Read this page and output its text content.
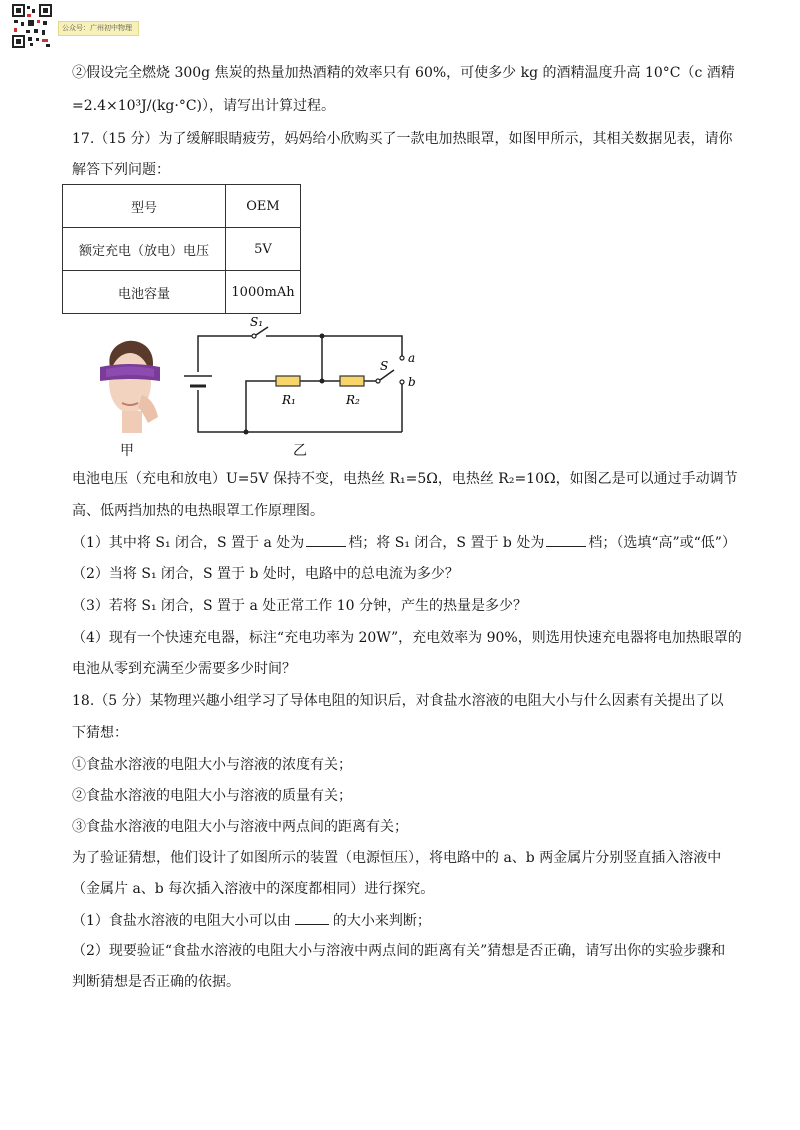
公众号：广州初中物理
②假设完全燃烧 300g 焦炭的热量加热酒精的效率只有 60%，可使多少 kg 的酒精温度升高 10°C（c 酒精
=2.4×10³J/(kg·°C)），请写出计算过程。
17.（15 分）为了缓解眼睛疲劳，妈妈给小欣购买了一款电加热眼罩，如图甲所示，其相关数据见表，请你
解答下列问题：
型号	OEM
额定充电（放电）电压	5V
电池容量	1000mAh
甲
S₁
S
a
b
R₁	R₂
乙
电池电压（充电和放电）U=5V 保持不变，电热丝 R₁=5Ω，电热丝 R₂=10Ω，如图乙是可以通过手动调节
高、低两挡加热的电热眼罩工作原理图。
（1）其中将 S₁ 闭合，S 置于 a 处为	档；将 S₁ 闭合，S 置于 b 处为	档；（选填“高”或“低”）
（2）当将 S₁ 闭合，S 置于 b 处时，电路中的总电流为多少？
（3）若将 S₁ 闭合，S 置于 a 处正常工作 10 分钟，产生的热量是多少？
（4）现有一个快速充电器，标注“充电功率为 20W”，充电效率为 90%，则选用快速充电器将电加热眼罩的
电池从零到充满至少需要多少时间？
18.（5 分）某物理兴趣小组学习了导体电阻的知识后，对食盐水溶液的电阻大小与什么因素有关提出了以
下猜想：
①食盐水溶液的电阻大小与溶液的浓度有关；
②食盐水溶液的电阻大小与溶液的质量有关；
③食盐水溶液的电阻大小与溶液中两点间的距离有关；
为了验证猜想，他们设计了如图所示的装置（电源恒压），将电路中的 a、b 两金属片分别竖直插入溶液中
（金属片 a、b 每次插入溶液中的深度都相同）进行探究。
（1）食盐水溶液的电阻大小可以由	的大小来判断；
（2）现要验证“食盐水溶液的电阻大小与溶液中两点间的距离有关”猜想是否正确，请写出你的实验步骤和
判断猜想是否正确的依据。
